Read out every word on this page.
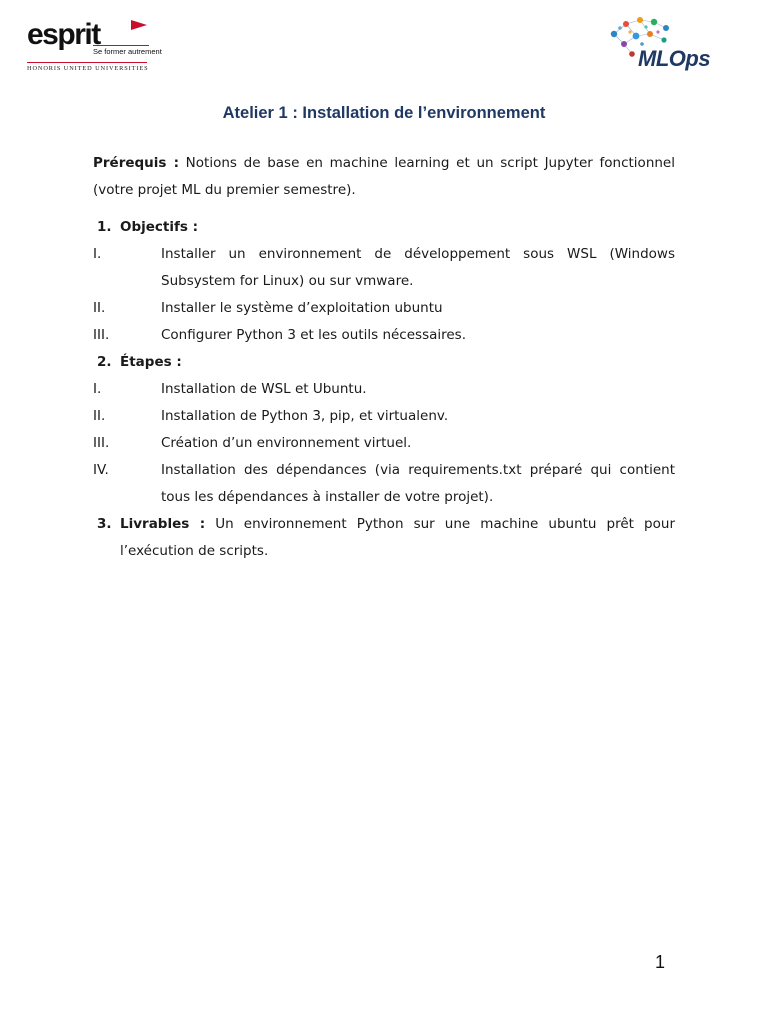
esprit
Se former autrement
HONORIS UNITED UNIVERSITIES	MLOps
Atelier 1 : Installation de l’environnement

Prérequis : Notions de base en machine learning et un script Jupyter fonctionnel (votre projet ML du premier semestre).

1. Objectifs :
I.	Installer un environnement de développement sous WSL (Windows Subsystem for Linux) ou sur vmware.
II.	Installer le système d’exploitation ubuntu
III.	Configurer Python 3 et les outils nécessaires.
2. Étapes :
I.	Installation de WSL et Ubuntu.
II.	Installation de Python 3, pip, et virtualenv.
III.	Création d’un environnement virtuel.
IV.	Installation des dépendances (via requirements.txt préparé qui contient tous les dépendances à installer de votre projet).
3. Livrables : Un environnement Python sur une machine ubuntu prêt pour l’exécution de scripts.
1
